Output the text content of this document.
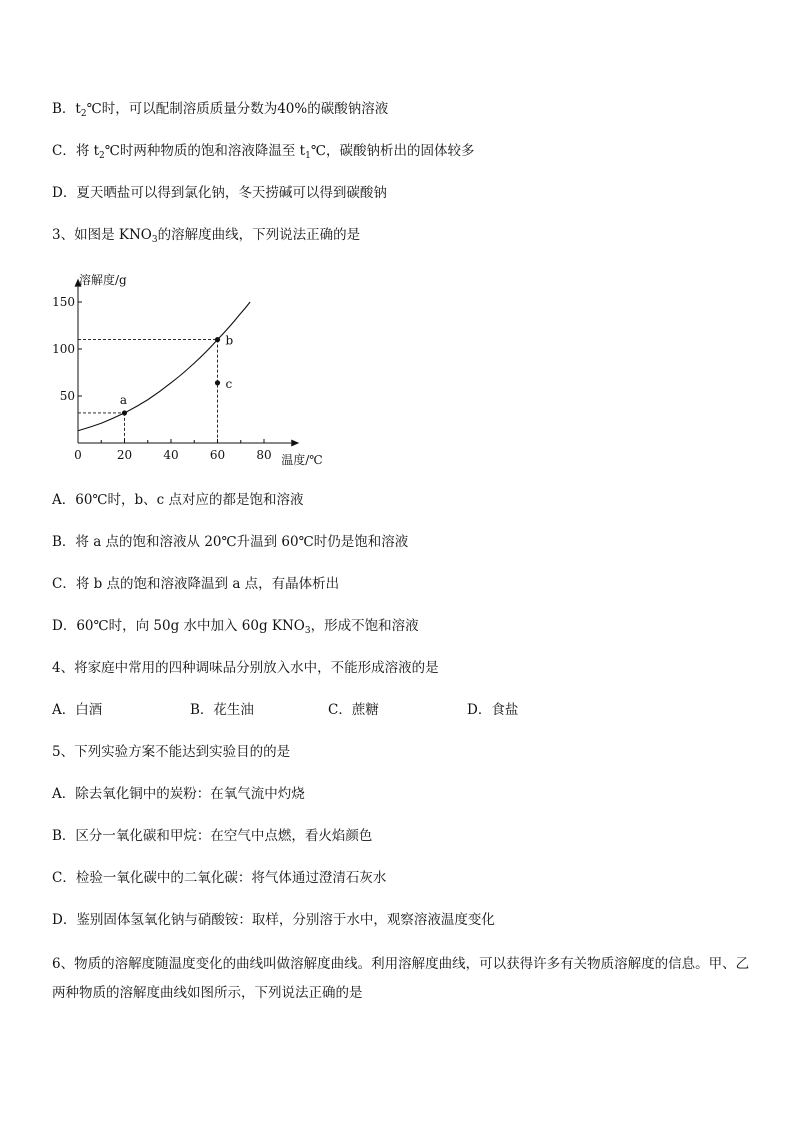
B．$t_2℃$时，可以配制溶质质量分数为40%的碳酸钠溶液
C．将 $t_2℃$时两种物质的饱和溶液降温至 $t_1℃$，碳酸钠析出的固体较多
D．夏天晒盐可以得到氯化钠，冬天捞碱可以得到碳酸钠
3、如图是 $KNO_3$的溶解度曲线，下列说法正确的是
0	20	40	60	80
50
100
150
a
b
c
溶解度/g
温度/℃
A．60℃时，b、c 点对应的都是饱和溶液
B．将 a 点的饱和溶液从 20℃升温到 60℃时仍是饱和溶液
C．将 b 点的饱和溶液降温到 a 点，有晶体析出
D．60℃时，向 50g 水中加入 60g $KNO_3$，形成不饱和溶液
4、将家庭中常用的四种调味品分别放入水中，不能形成溶液的是
A．白酒	B．花生油	C．蔗糖	D．食盐
5、下列实验方案不能达到实验目的的是
A．除去氧化铜中的炭粉：在氧气流中灼烧
B．区分一氧化碳和甲烷：在空气中点燃，看火焰颜色
C．检验一氧化碳中的二氧化碳：将气体通过澄清石灰水
D．鉴别固体氢氧化钠与硝酸铵：取样，分别溶于水中，观察溶液温度变化
6、物质的溶解度随温度变化的曲线叫做溶解度曲线。利用溶解度曲线，可以获得许多有关物质溶解度的信息。甲、乙两种物质的溶解度曲线如图所示，下列说法正确的是
